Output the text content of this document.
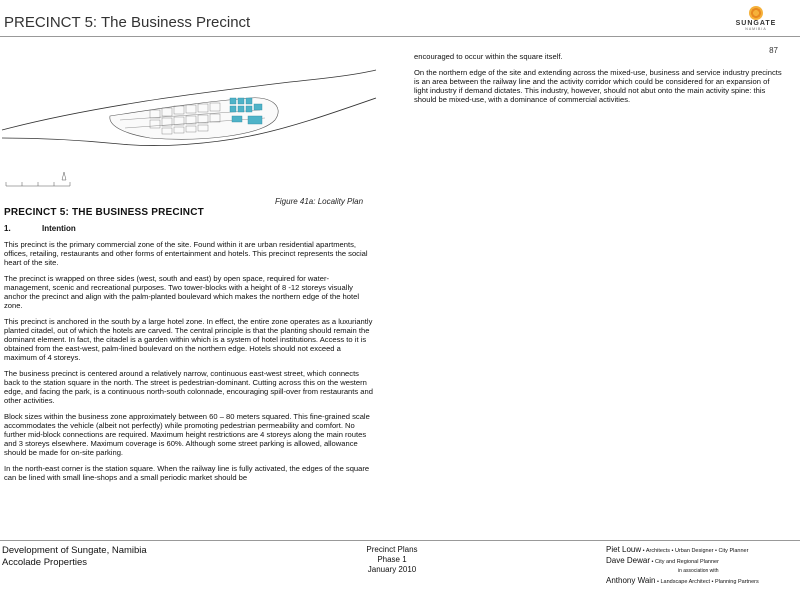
PRECINCT 5: The Business Precinct	SUNGATE
NAMIBIA
87
Figure 41a: Locality Plan
PRECINCT 5: THE BUSINESS PRECINCT
1.	Intention

This precinct is the primary commercial zone of the site. Found within it are urban residential apartments, offices, retailing, restaurants and other forms of entertainment and hotels. This precinct represents the social heart of the site.

The precinct is wrapped on three sides (west, south and east) by open space, required for water-management, scenic and recreational purposes. Two tower-blocks with a height of 8 -12 storeys visually anchor the precinct and align with the palm-planted boulevard which makes the northern edge of the hotel zone.

This precinct is anchored in the south by a large hotel zone. In effect, the entire zone operates as a luxuriantly planted citadel, out of which the hotels are carved. The central principle is that the planting should remain the dominant element. In fact, the citadel is a garden within which is a system of hotel institutions. Access to it is obtained from the east-west, palm-lined boulevard on the northern edge. Hotels should not exceed a maximum of 4 storeys.

The business precinct is centered around a relatively narrow, continuous east-west street, which connects back to the station square in the north. The street is pedestrian-dominant. Cutting across this on the western edge, and facing the park, is a continuous north-south colonnade, encouraging spill-over from restaurants and other activities.

Block sizes within the business zone approximately between 60 – 80 meters squared. This fine-grained scale accommodates the vehicle (albeit not perfectly) while promoting pedestrian permeability and comfort. No further mid-block connections are required. Maximum height restrictions are 4 storeys along the main routes and 3 storeys elsewhere. Maximum coverage is 60%. Although some street parking is allowed, allowance should be made for on-site parking.

In the north-east corner is the station square. When the railway line is fully activated, the edges of the square can be lined with small line-shops and a small periodic market should be

encouraged to occur within the square itself.

On the northern edge of the site and extending across the mixed-use, business and service industry precincts is an area between the railway line and the activity corridor which could be considered for an expansion of light industry if demand dictates. This industry, however, should not abut onto the main activity spine: this should be mixed-use, with a dominance of commercial activities.

Development of Sungate, Namibia
Accolade Properties
Precinct Plans
Phase 1
January 2010
Piet Louw • Architects • Urban Designer • City Planner
Dave Dewar • City and Regional Planner
in association with
Anthony Wain • Landscape Architect • Planning Partners
